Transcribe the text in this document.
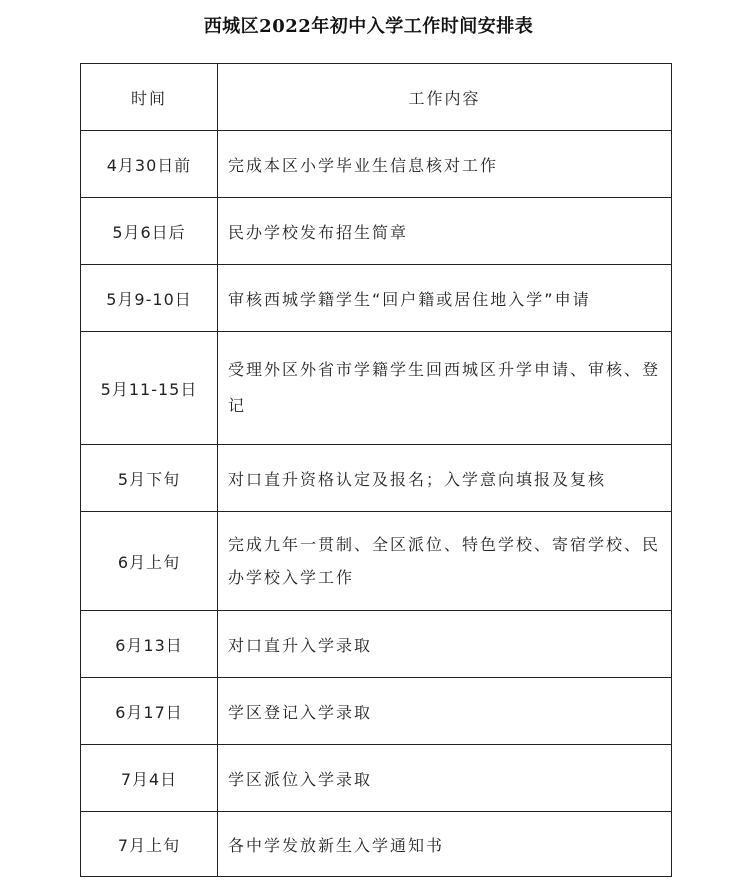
西城区2022年初中入学工作时间安排表
时间	工作内容
4月30日前	完成本区小学毕业生信息核对工作
5月6日后	民办学校发布招生简章
5月9-10日	审核西城学籍学生“回户籍或居住地入学”申请
5月11-15日	受理外区外省市学籍学生回西城区升学申请、审核、登记

5月下旬	对口直升资格认定及报名；入学意向填报及复核
6月上旬	完成九年一贯制、全区派位、特色学校、寄宿学校、民办学校入学工作

6月13日	对口直升入学录取
6月17日	学区登记入学录取
7月4日	学区派位入学录取
7月上旬	各中学发放新生入学通知书
